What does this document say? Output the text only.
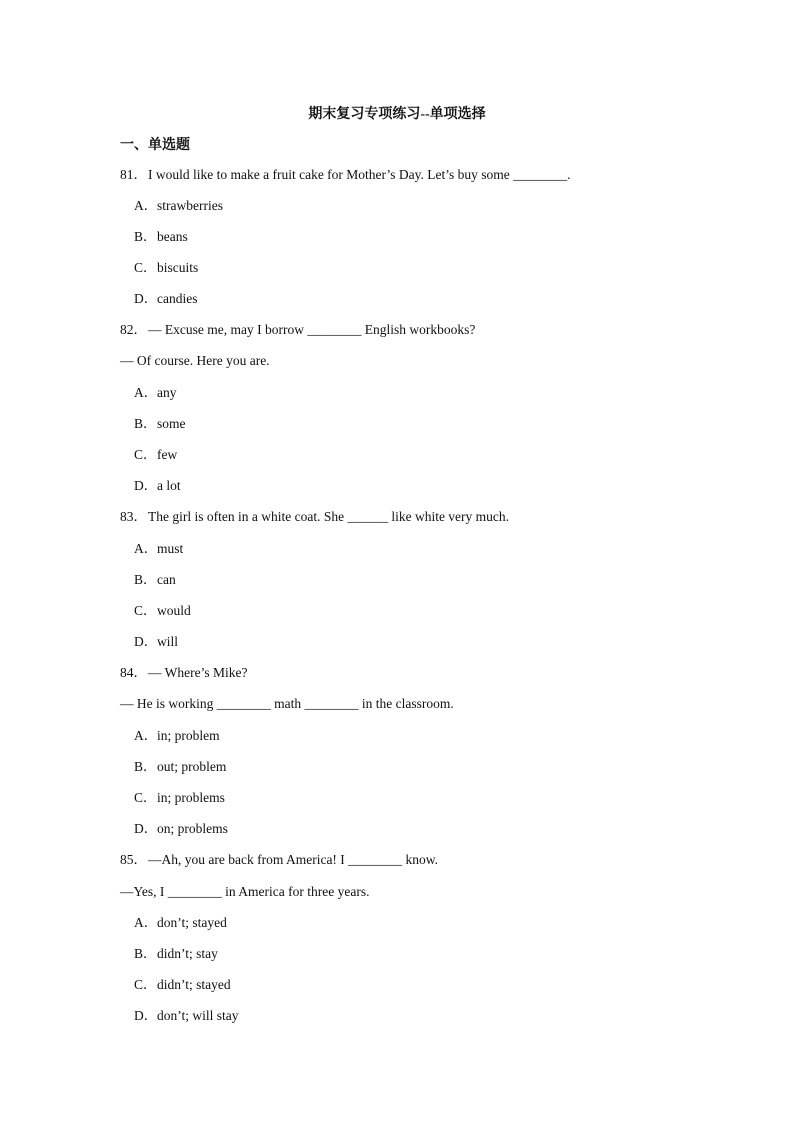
期末复习专项练习--单项选择
一、单选题
81．I would like to make a fruit cake for Mother’s Day. Let’s buy some ________.
A．strawberries
B．beans
C．biscuits
D．candies
82．— Excuse me, may I borrow ________ English workbooks?
— Of course. Here you are.
A．any
B．some
C．few
D．a lot
83．The girl is often in a white coat. She ______ like white very much.
A．must
B．can
C．would
D．will
84．— Where’s Mike?
— He is working ________ math ________ in the classroom.
A．in; problem
B．out; problem
C．in; problems
D．on; problems
85．—Ah, you are back from America! I ________ know.
—Yes, I ________ in America for three years.
A．don’t; stayed
B．didn’t; stay
C．didn’t; stayed
D．don’t; will stay
